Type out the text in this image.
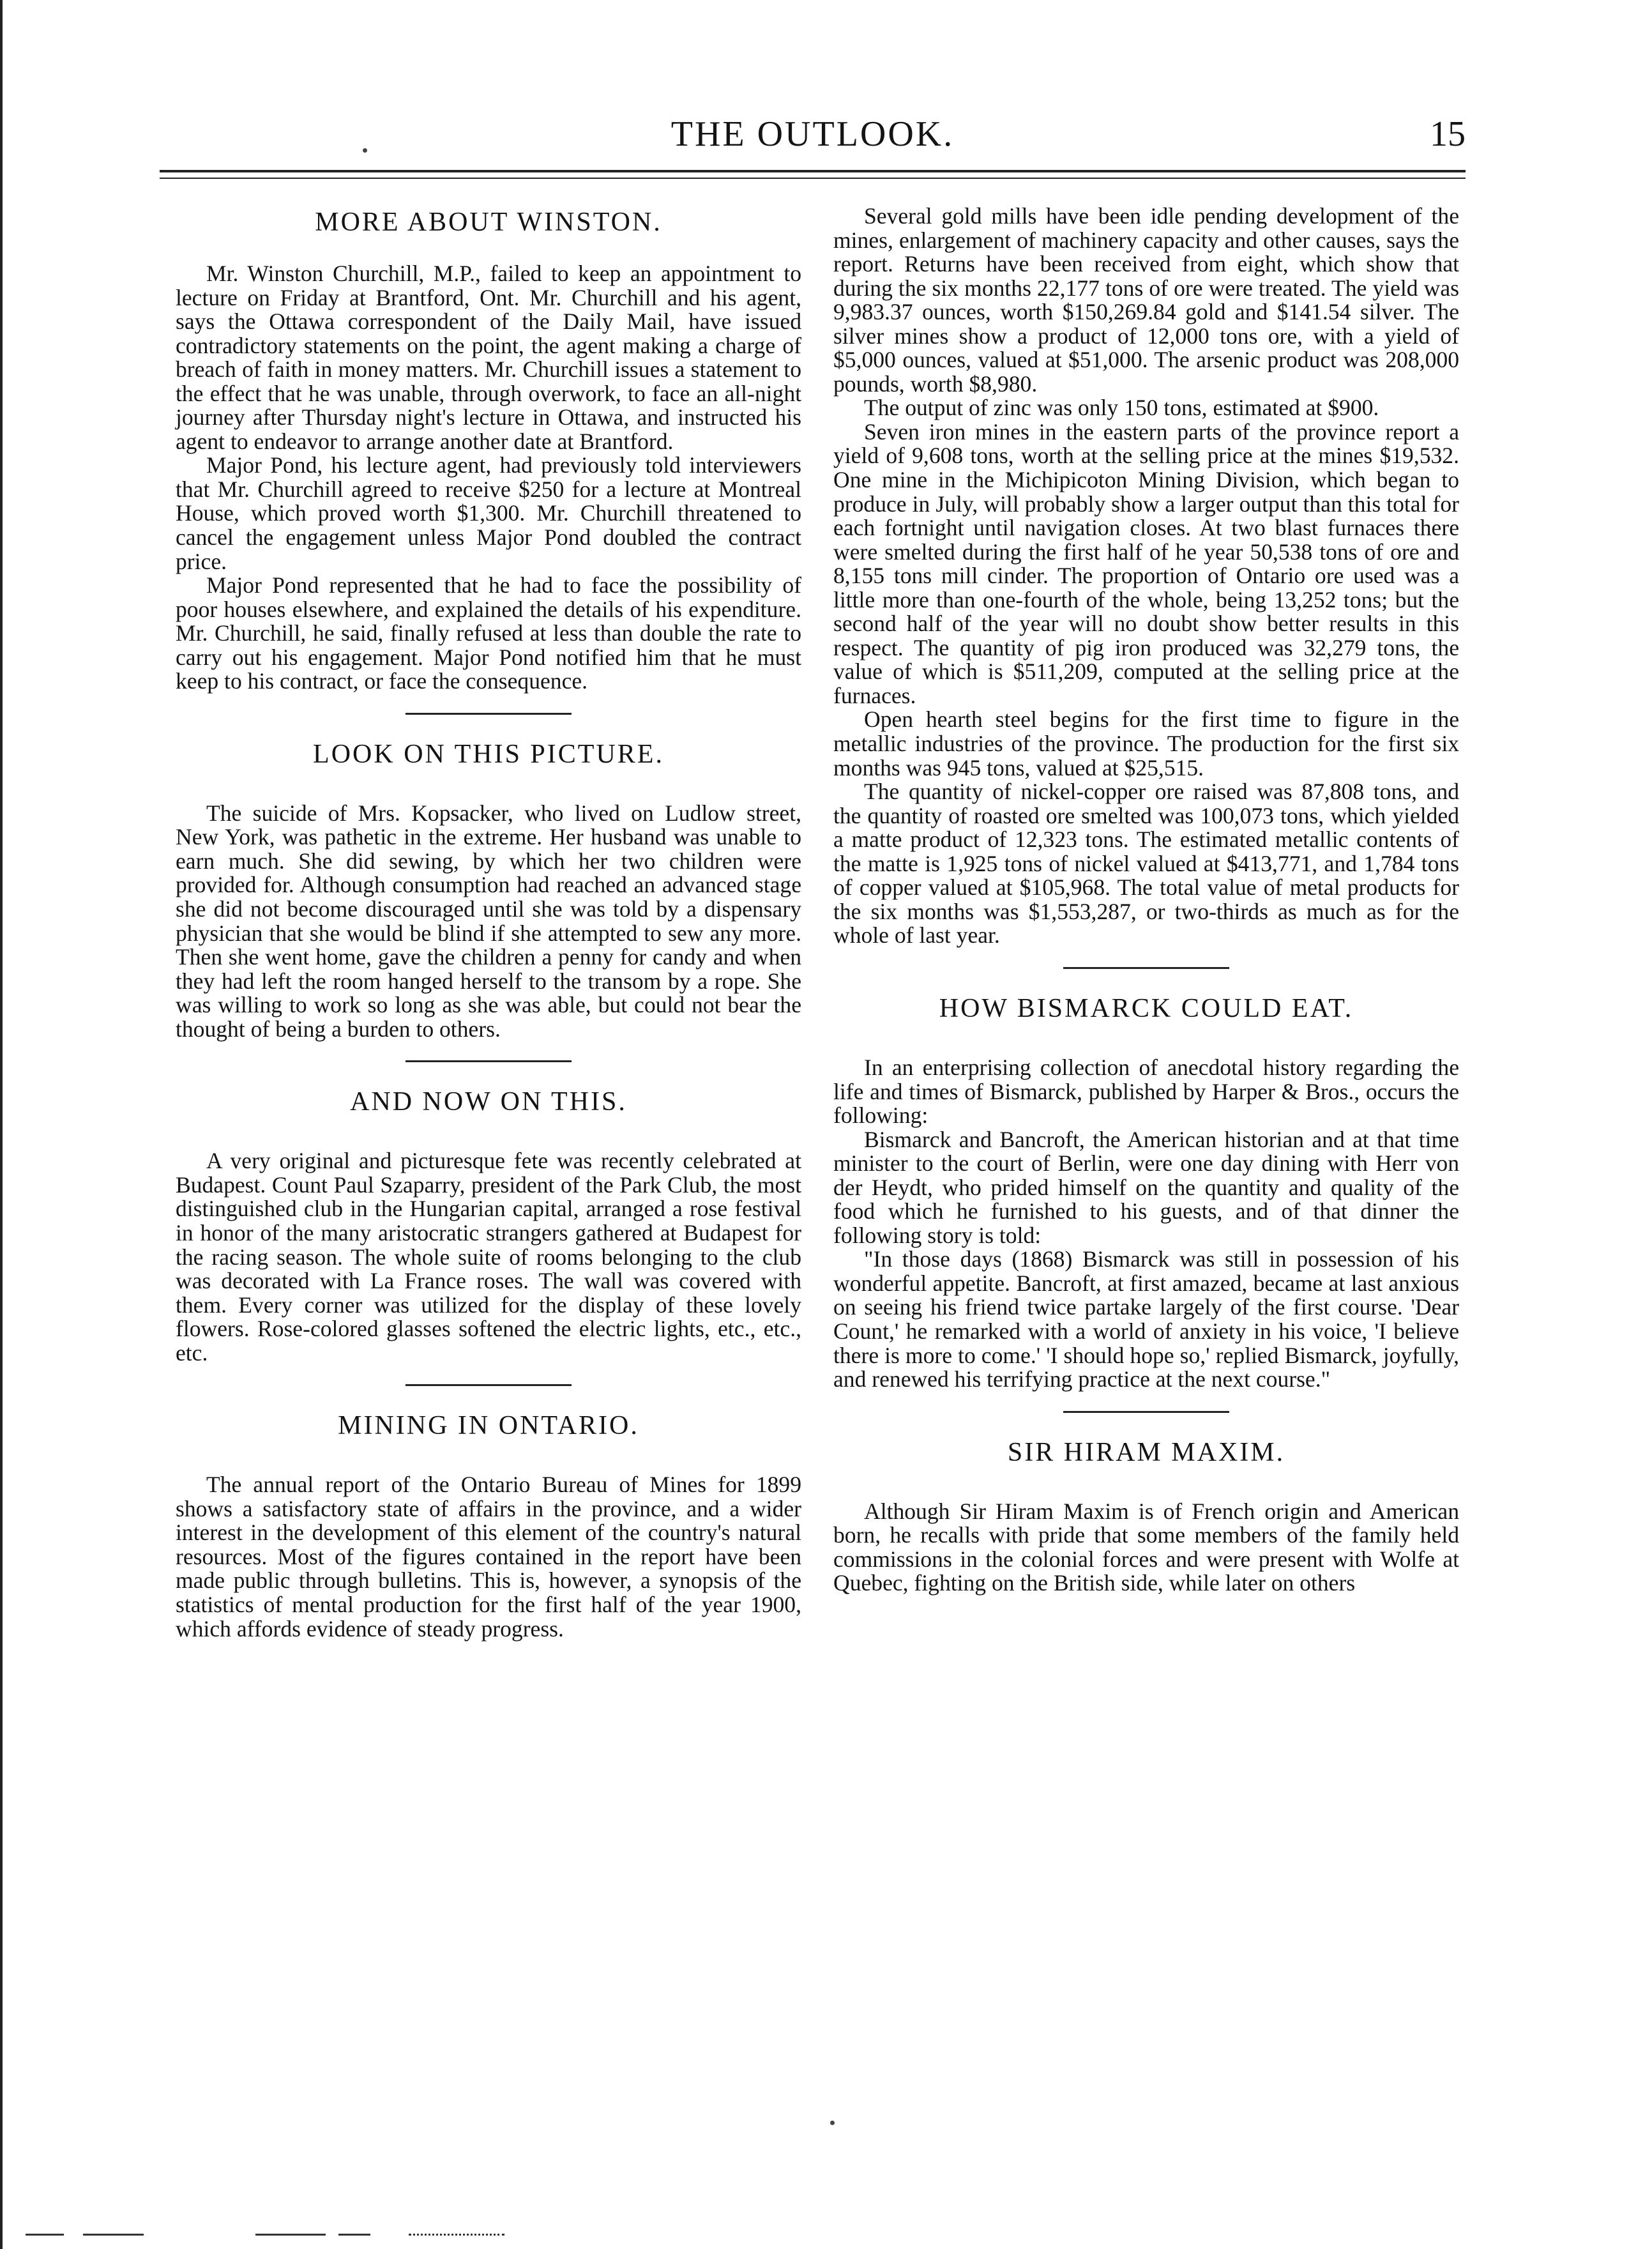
THE OUTLOOK.	15
MORE ABOUT WINSTON.

Mr. Winston Churchill, M.P., failed to keep an appointment to lecture on Friday at Brantford, Ont. Mr. Churchill and his agent, says the Ottawa correspondent of the Daily Mail, have issued contradictory statements on the point, the agent making a charge of breach of faith in money matters. Mr. Churchill issues a statement to the effect that he was unable, through overwork, to face an all-night journey after Thursday night's lecture in Ottawa, and instructed his agent to endeavor to arrange another date at Brantford.

Major Pond, his lecture agent, had previously told interviewers that Mr. Churchill agreed to receive $250 for a lecture at Montreal House, which proved worth $1,300. Mr. Churchill threatened to cancel the engagement unless Major Pond doubled the contract price.

Major Pond represented that he had to face the possibility of poor houses elsewhere, and explained the details of his expenditure. Mr. Churchill, he said, finally refused at less than double the rate to carry out his engagement. Major Pond notified him that he must keep to his contract, or face the consequence.

LOOK ON THIS PICTURE.

The suicide of Mrs. Kopsacker, who lived on Ludlow street, New York, was pathetic in the extreme. Her husband was unable to earn much. She did sewing, by which her two children were provided for. Although consumption had reached an advanced stage she did not become discouraged until she was told by a dispensary physician that she would be blind if she attempted to sew any more. Then she went home, gave the children a penny for candy and when they had left the room hanged herself to the transom by a rope. She was willing to work so long as she was able, but could not bear the thought of being a burden to others.

AND NOW ON THIS.

A very original and picturesque fete was recently celebrated at Budapest. Count Paul Szaparry, president of the Park Club, the most distinguished club in the Hungarian capital, arranged a rose festival in honor of the many aristocratic strangers gathered at Budapest for the racing season. The whole suite of rooms belonging to the club was decorated with La France roses. The wall was covered with them. Every corner was utilized for the display of these lovely flowers. Rose-colored glasses softened the electric lights, etc., etc., etc.

MINING IN ONTARIO.

The annual report of the Ontario Bureau of Mines for 1899 shows a satisfactory state of affairs in the province, and a wider interest in the development of this element of the country's natural resources. Most of the figures contained in the report have been made public through bulletins. This is, however, a synopsis of the statistics of mental production for the first half of the year 1900, which affords evidence of steady progress.

Several gold mills have been idle pending development of the mines, enlargement of machinery capacity and other causes, says the report. Returns have been received from eight, which show that during the six months 22,177 tons of ore were treated. The yield was 9,983.37 ounces, worth $150,269.84 gold and $141.54 silver. The silver mines show a product of 12,000 tons ore, with a yield of $5,000 ounces, valued at $51,000. The arsenic product was 208,000 pounds, worth $8,980.

The output of zinc was only 150 tons, estimated at $900.

Seven iron mines in the eastern parts of the province report a yield of 9,608 tons, worth at the selling price at the mines $19,532. One mine in the Michipicoton Mining Division, which began to produce in July, will probably show a larger output than this total for each fortnight until navigation closes. At two blast furnaces there were smelted during the first half of he year 50,538 tons of ore and 8,155 tons mill cinder. The proportion of Ontario ore used was a little more than one-fourth of the whole, being 13,252 tons; but the second half of the year will no doubt show better results in this respect. The quantity of pig iron produced was 32,279 tons, the value of which is $511,209, computed at the selling price at the furnaces.

Open hearth steel begins for the first time to figure in the metallic industries of the province. The production for the first six months was 945 tons, valued at $25,515.

The quantity of nickel-copper ore raised was 87,808 tons, and the quantity of roasted ore smelted was 100,073 tons, which yielded a matte product of 12,323 tons. The estimated metallic contents of the matte is 1,925 tons of nickel valued at $413,771, and 1,784 tons of copper valued at $105,968. The total value of metal products for the six months was $1,553,287, or two-thirds as much as for the whole of last year.

HOW BISMARCK COULD EAT.

In an enterprising collection of anecdotal history regarding the life and times of Bismarck, published by Harper & Bros., occurs the following:

Bismarck and Bancroft, the American historian and at that time minister to the court of Berlin, were one day dining with Herr von der Heydt, who prided himself on the quantity and quality of the food which he furnished to his guests, and of that dinner the following story is told:

"In those days (1868) Bismarck was still in possession of his wonderful appetite. Bancroft, at first amazed, became at last anxious on seeing his friend twice partake largely of the first course. 'Dear Count,' he remarked with a world of anxiety in his voice, 'I believe there is more to come.' 'I should hope so,' replied Bismarck, joyfully, and renewed his terrifying practice at the next course."

SIR HIRAM MAXIM.

Although Sir Hiram Maxim is of French origin and American born, he recalls with pride that some members of the family held commissions in the colonial forces and were present with Wolfe at Quebec, fighting on the British side, while later on others
